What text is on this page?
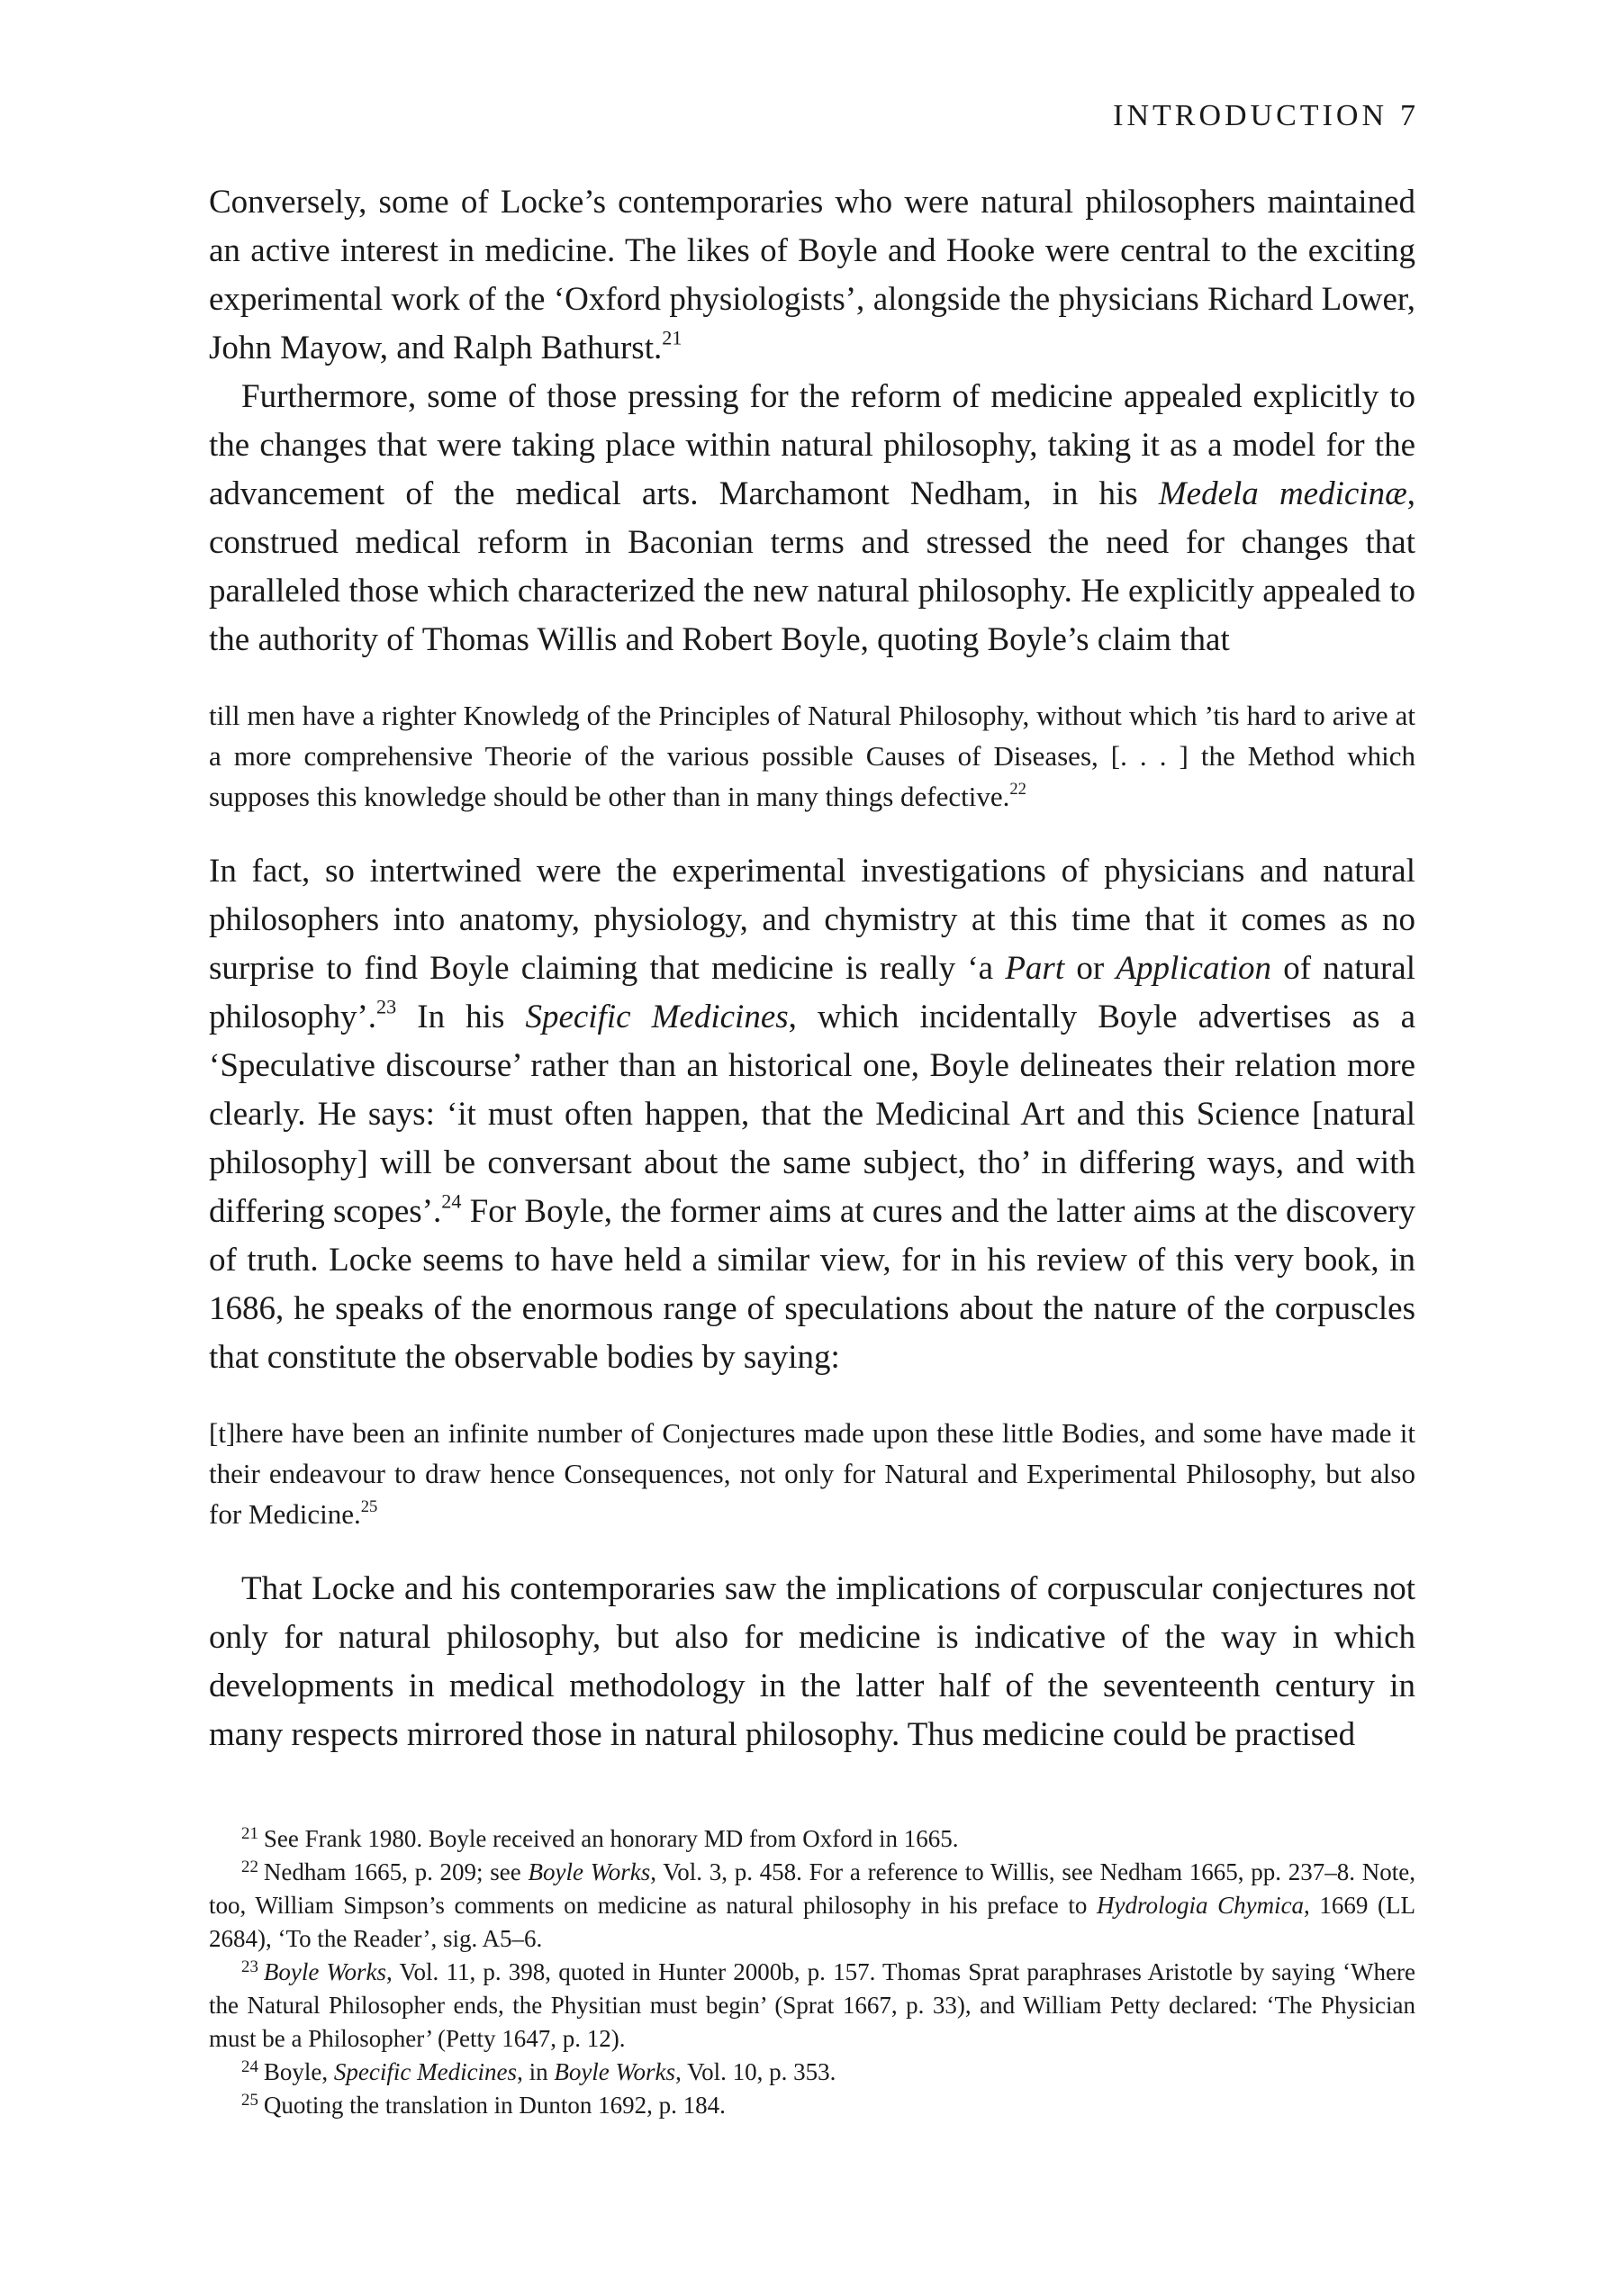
INTRODUCTION 7

Conversely, some of Locke’s contemporaries who were natural philosophers maintained an active interest in medicine. The likes of Boyle and Hooke were central to the exciting experimental work of the ‘Oxford physiologists’, alongside the physicians Richard Lower, John Mayow, and Ralph Bathurst.$^{21}$

Furthermore, some of those pressing for the reform of medicine appealed explicitly to the changes that were taking place within natural philosophy, taking it as a model for the advancement of the medical arts. Marchamont Nedham, in his Medela medicinæ, construed medical reform in Baconian terms and stressed the need for changes that paralleled those which characterized the new natural philosophy. He explicitly appealed to the authority of Thomas Willis and Robert Boyle, quoting Boyle’s claim that

till men have a righter Knowledg of the Principles of Natural Philosophy, without which ’tis hard to arive at a more comprehensive Theorie of the various possible Causes of Diseases, [. . . ] the Method which supposes this knowledge should be other than in many things defective.$^{22}$

In fact, so intertwined were the experimental investigations of physicians and natural philosophers into anatomy, physiology, and chymistry at this time that it comes as no surprise to find Boyle claiming that medicine is really ‘a Part or Application of natural philosophy’.$^{23}$ In his Specific Medicines, which incidentally Boyle advertises as a ‘Speculative discourse’ rather than an historical one, Boyle delineates their relation more clearly. He says: ‘it must often happen, that the Medicinal Art and this Science [natural philosophy] will be conversant about the same subject, tho’ in differing ways, and with differing scopes’.$^{24}$ For Boyle, the former aims at cures and the latter aims at the discovery of truth. Locke seems to have held a similar view, for in his review of this very book, in 1686, he speaks of the enormous range of speculations about the nature of the corpuscles that constitute the observable bodies by saying:

[t]here have been an infinite number of Conjectures made upon these little Bodies, and some have made it their endeavour to draw hence Consequences, not only for Natural and Experimental Philosophy, but also for Medicine.$^{25}$

That Locke and his contemporaries saw the implications of corpuscular conjectures not only for natural philosophy, but also for medicine is indicative of the way in which developments in medical methodology in the latter half of the seventeenth century in many respects mirrored those in natural philosophy. Thus medicine could be practised

$^{21}$ See Frank 1980. Boyle received an honorary MD from Oxford in 1665.

$^{22}$ Nedham 1665, p. 209; see Boyle Works, Vol. 3, p. 458. For a reference to Willis, see Nedham 1665, pp. 237–8. Note, too, William Simpson’s comments on medicine as natural philosophy in his preface to Hydrologia Chymica, 1669 (LL 2684), ‘To the Reader’, sig. A5–6.

$^{23}$ Boyle Works, Vol. 11, p. 398, quoted in Hunter 2000b, p. 157. Thomas Sprat paraphrases Aristotle by saying ‘Where the Natural Philosopher ends, the Physitian must begin’ (Sprat 1667, p. 33), and William Petty declared: ‘The Physician must be a Philosopher’ (Petty 1647, p. 12).

$^{24}$ Boyle, Specific Medicines, in Boyle Works, Vol. 10, p. 353.

$^{25}$ Quoting the translation in Dunton 1692, p. 184.
